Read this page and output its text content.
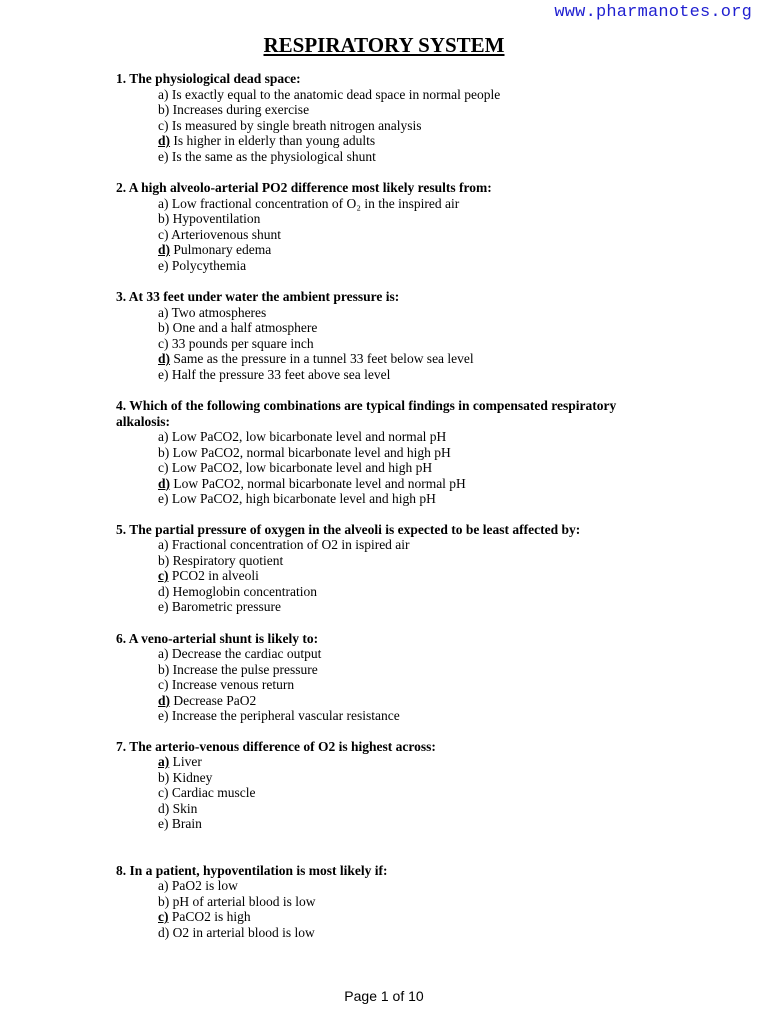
www.pharmanotes.org
RESPIRATORY SYSTEM
1. The physiological dead space:
a) Is exactly equal to the anatomic dead space in normal people
b) Increases during exercise
c) Is measured by single breath nitrogen analysis
d) Is higher in elderly than young adults
e) Is the same as the physiological shunt
2. A high alveolo-arterial PO2 difference most likely results from:
a) Low fractional concentration of O₂ in the inspired air
b) Hypoventilation
c) Arteriovenous shunt
d) Pulmonary edema
e) Polycythemia
3. At 33 feet under water the ambient pressure is:
a) Two atmospheres
b) One and a half atmosphere
c) 33 pounds per square inch
d) Same as the pressure in a tunnel 33 feet below sea level
e) Half the pressure 33 feet above sea level
4. Which of the following combinations are typical findings in compensated respiratory alkalosis:
a) Low PaCO2, low bicarbonate level and normal pH
b) Low PaCO2, normal bicarbonate level and high pH
c) Low PaCO2, low bicarbonate level and high pH
d) Low PaCO2, normal bicarbonate level and normal pH
e) Low PaCO2, high bicarbonate level and high pH
5. The partial pressure of oxygen in the alveoli is expected to be least affected by:
a) Fractional concentration of O2 in ispired air
b) Respiratory quotient
c) PCO2 in alveoli
d) Hemoglobin concentration
e) Barometric pressure
6. A veno-arterial shunt is likely to:
a) Decrease the cardiac output
b) Increase the pulse pressure
c) Increase venous return
d) Decrease PaO2
e) Increase the peripheral vascular resistance
7. The arterio-venous difference of O2 is highest across:
a) Liver
b) Kidney
c) Cardiac muscle
d) Skin
e) Brain
8. In a patient, hypoventilation is most likely if:
a) PaO2 is low
b) pH of arterial blood is low
c) PaCO2 is high
d) O2 in arterial blood is low
Page 1 of 10
